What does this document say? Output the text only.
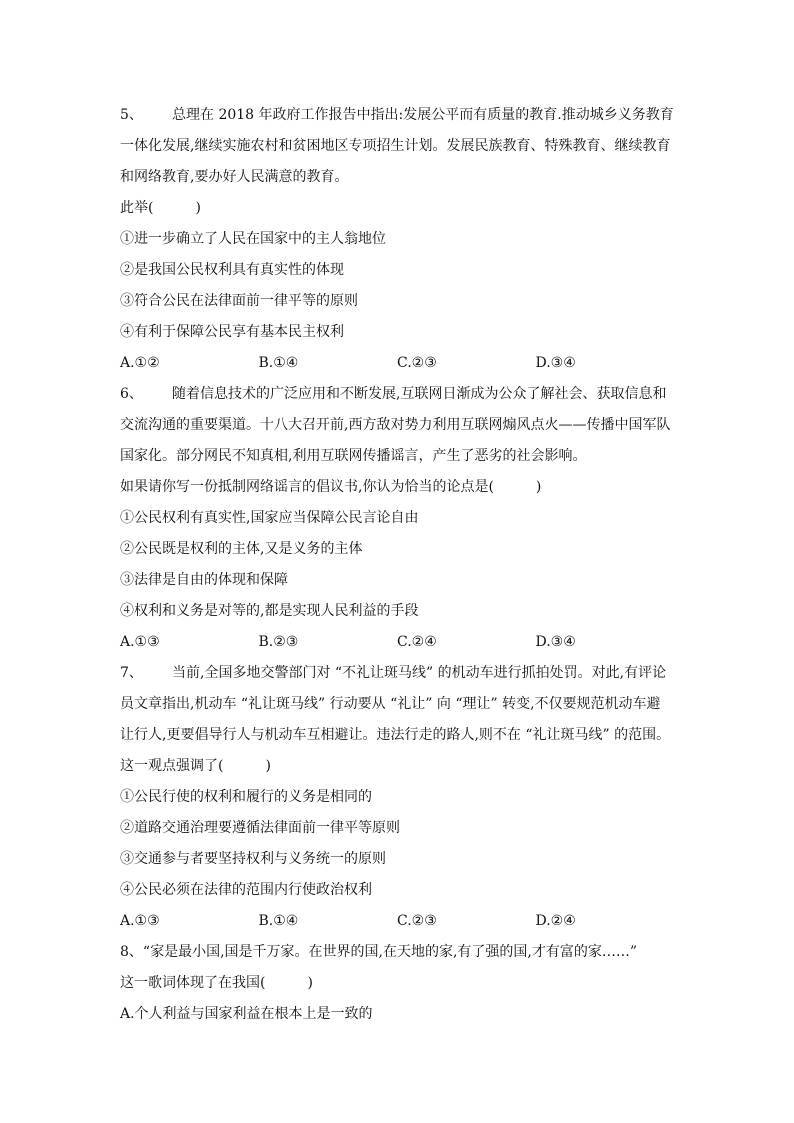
5、 总理在 2018 年政府工作报告中指出:发展公平而有质量的教育.推动城乡义务教育
一体化发展,继续实施农村和贫困地区专项招生计划。发展民族教育、特殊教育、继续教育
和网络教育,要办好人民满意的教育。
此举(　　　)
①进一步确立了人民在国家中的主人翁地位
②是我国公民权利具有真实性的体现
③符合公民在法律面前一律平等的原则
④有利于保障公民享有基本民主权利
A.①②	B.①④	C.②③	D.③④
6、 随着信息技术的广泛应用和不断发展,互联网日渐成为公众了解社会、获取信息和
交流沟通的重要渠道。十八大召开前,西方敌对势力利用互联网煽风点火——传播中国军队
国家化。部分网民不知真相,利用互联网传播谣言，产生了恶劣的社会影响。
如果请你写一份抵制网络谣言的倡议书,你认为恰当的论点是(　　　)
①公民权利有真实性,国家应当保障公民言论自由
②公民既是权利的主体,又是义务的主体
③法律是自由的体现和保障
④权利和义务是对等的,都是实现人民利益的手段
A.①③	B.②③	C.②④	D.③④
7、 当前,全国多地交警部门对 “不礼让斑马线” 的机动车进行抓拍处罚。对此,有评论
员文章指出,机动车 “礼让斑马线” 行动要从 “礼让” 向 “理让” 转变,不仅要规范机动车避
让行人,更要倡导行人与机动车互相避让。违法行走的路人,则不在 “礼让斑马线” 的范围。
这一观点强调了(　　　)
①公民行使的权利和履行的义务是相同的
②道路交通治理要遵循法律面前一律平等原则
③交通参与者要坚持权利与义务统一的原则
④公民必须在法律的范围内行使政治权利
A.①③	B.①④	C.②③	D.②④
8、“家是最小国,国是千万家。在世界的国,在天地的家,有了强的国,才有富的家……”
这一歌词体现了在我国(　　　)
A.个人利益与国家利益在根本上是一致的
